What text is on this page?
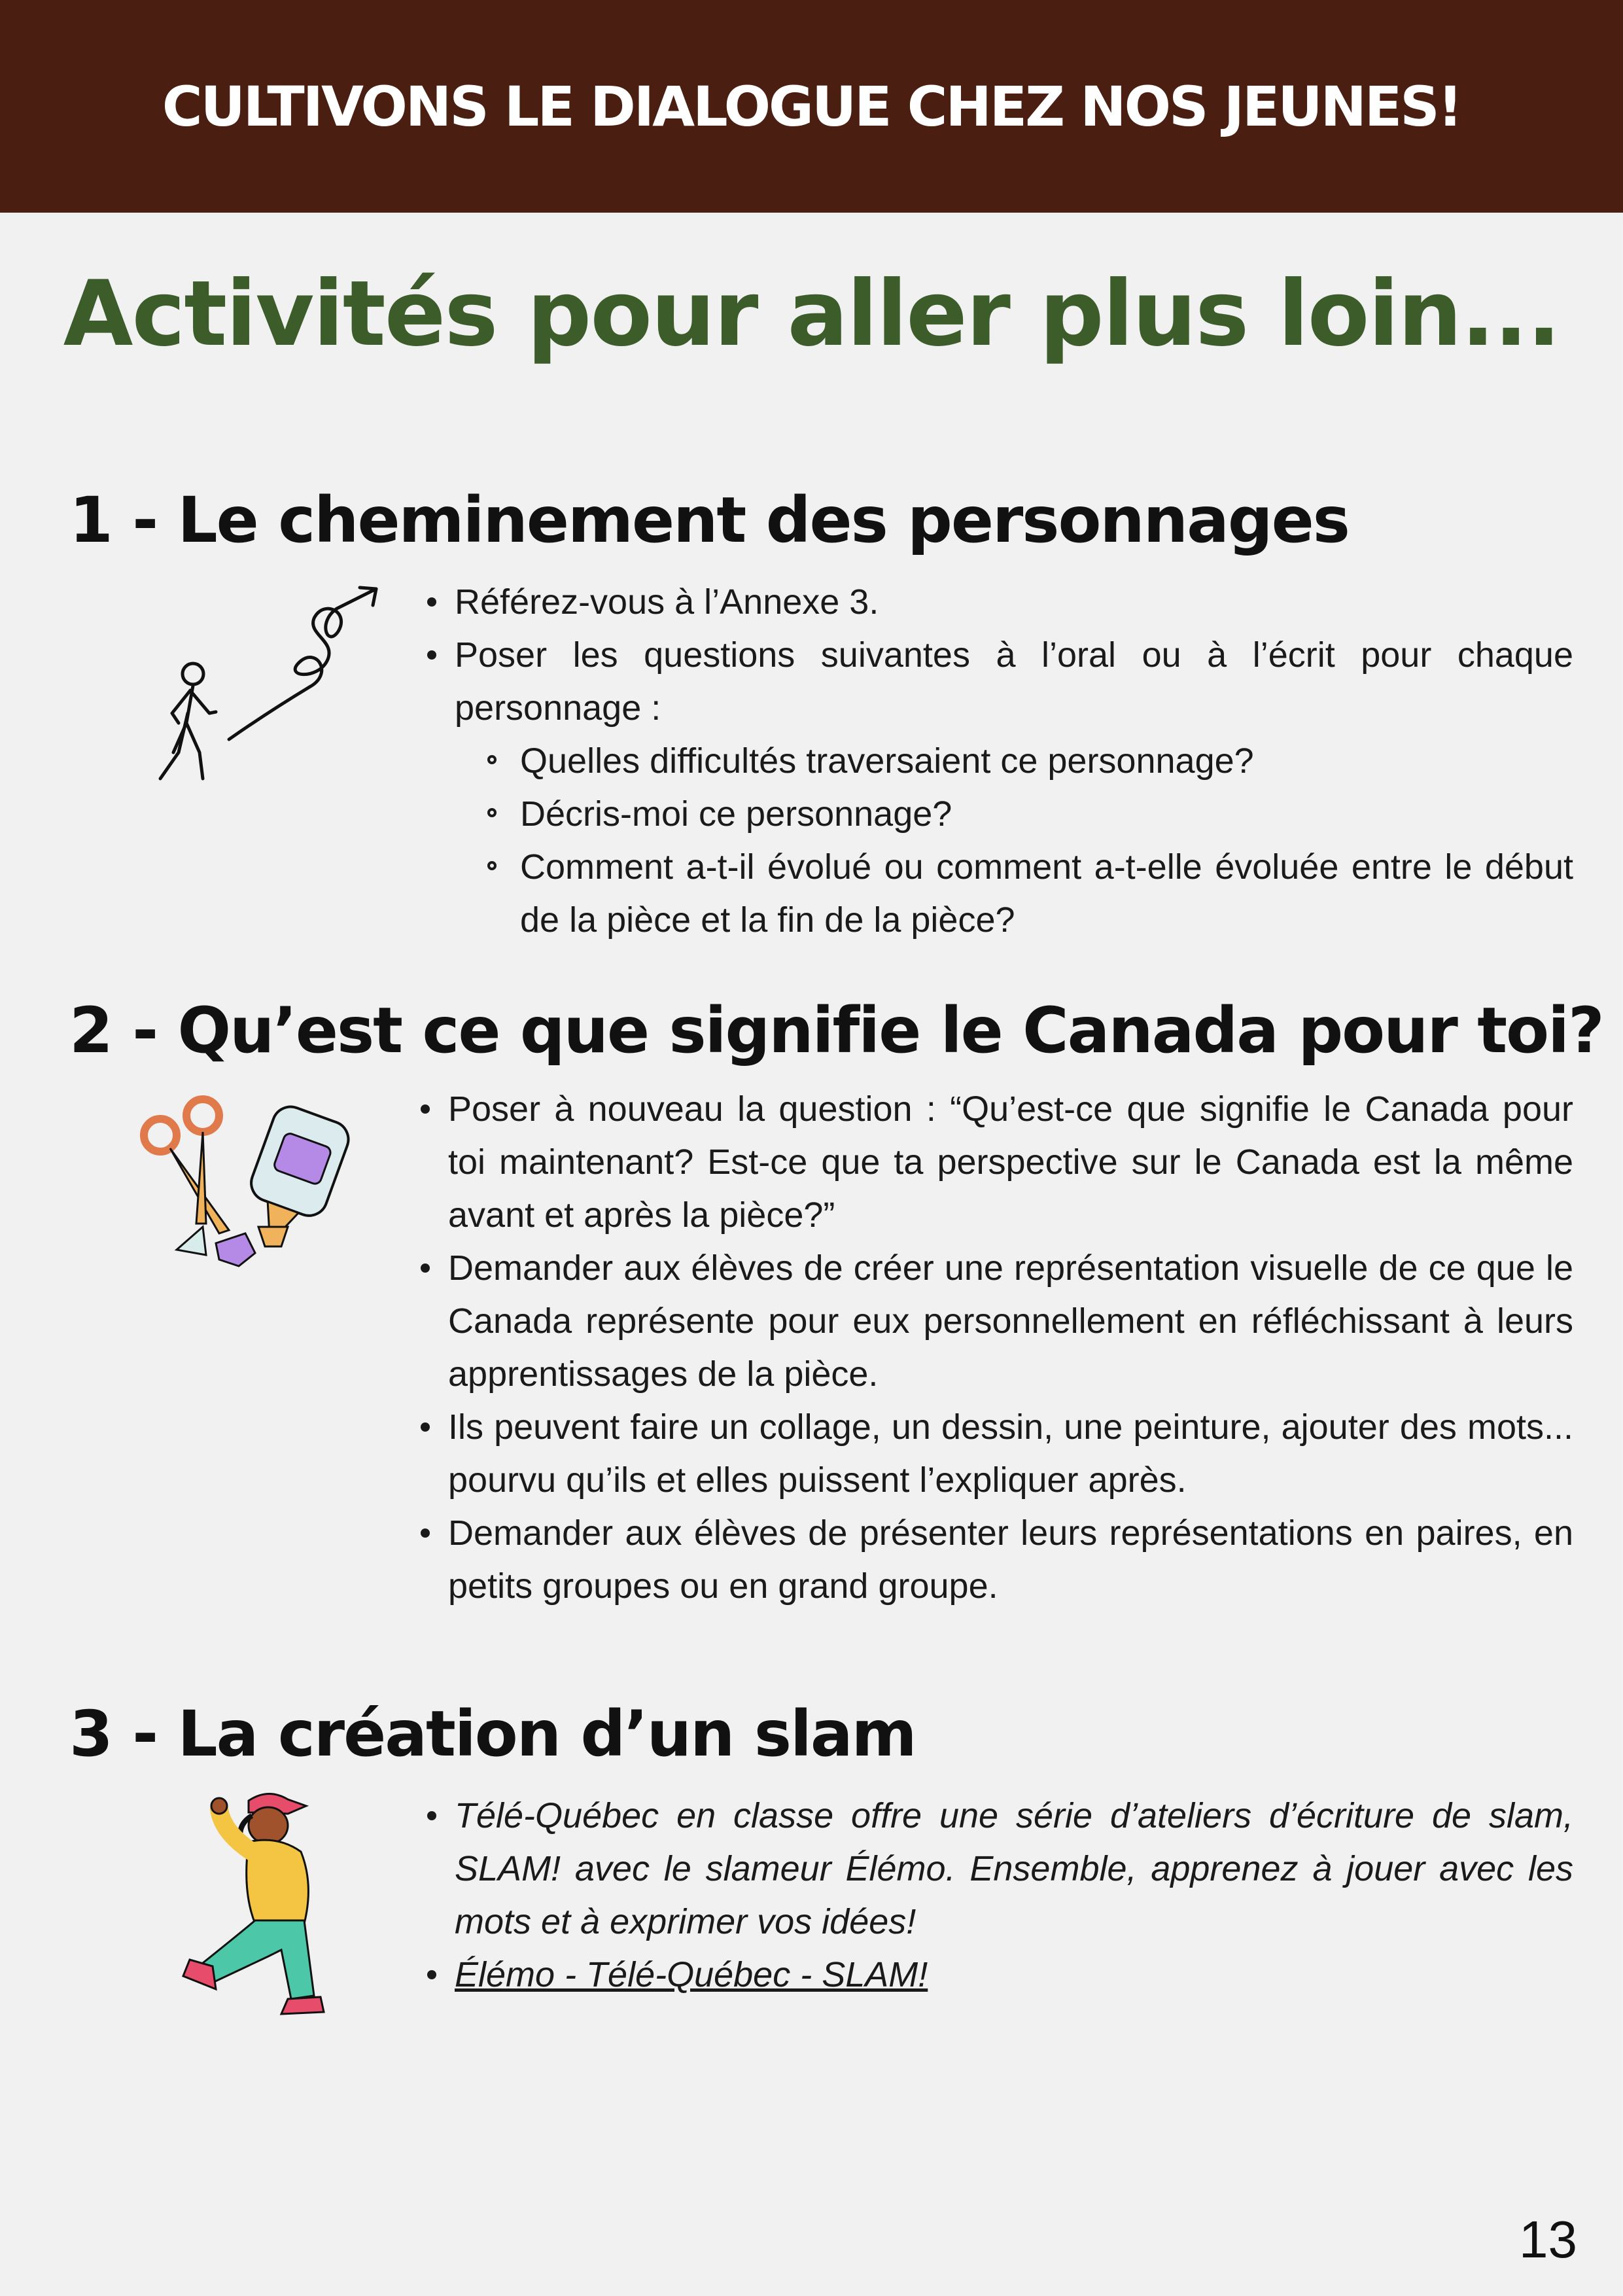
CULTIVONS LE DIALOGUE CHEZ NOS JEUNES!
Activités pour aller plus loin...
1 - Le cheminement des personnages
Référez-vous à l’Annexe 3.
Poser les questions suivantes à l’oral ou à l’écrit pour chaque personnage :
Quelles difficultés traversaient ce personnage?
Décris-moi ce personnage?
Comment a-t-il évolué ou comment a-t-elle évoluée entre le début de la pièce et la fin de la pièce?
2 - Qu’est ce que signifie le Canada pour toi?
Poser à nouveau la question : “Qu’est-ce que signifie le Canada pour toi maintenant? Est-ce que ta perspective sur le Canada est la même avant et après la pièce?”
Demander aux élèves de créer une représentation visuelle de ce que le Canada représente pour eux personnellement en réfléchissant à leurs apprentissages de la pièce.
Ils peuvent faire un collage, un dessin, une peinture, ajouter des mots... pourvu qu’ils et elles puissent l’expliquer après.
Demander aux élèves de présenter leurs représentations en paires, en petits groupes ou en grand groupe.
3 - La création d’un slam
Télé-Québec en classe offre une série d’ateliers d’écriture de slam, SLAM! avec le slameur Élémo. Ensemble, apprenez à jouer avec les mots et à exprimer vos idées!
Élémo - Télé-Québec - SLAM!
13
